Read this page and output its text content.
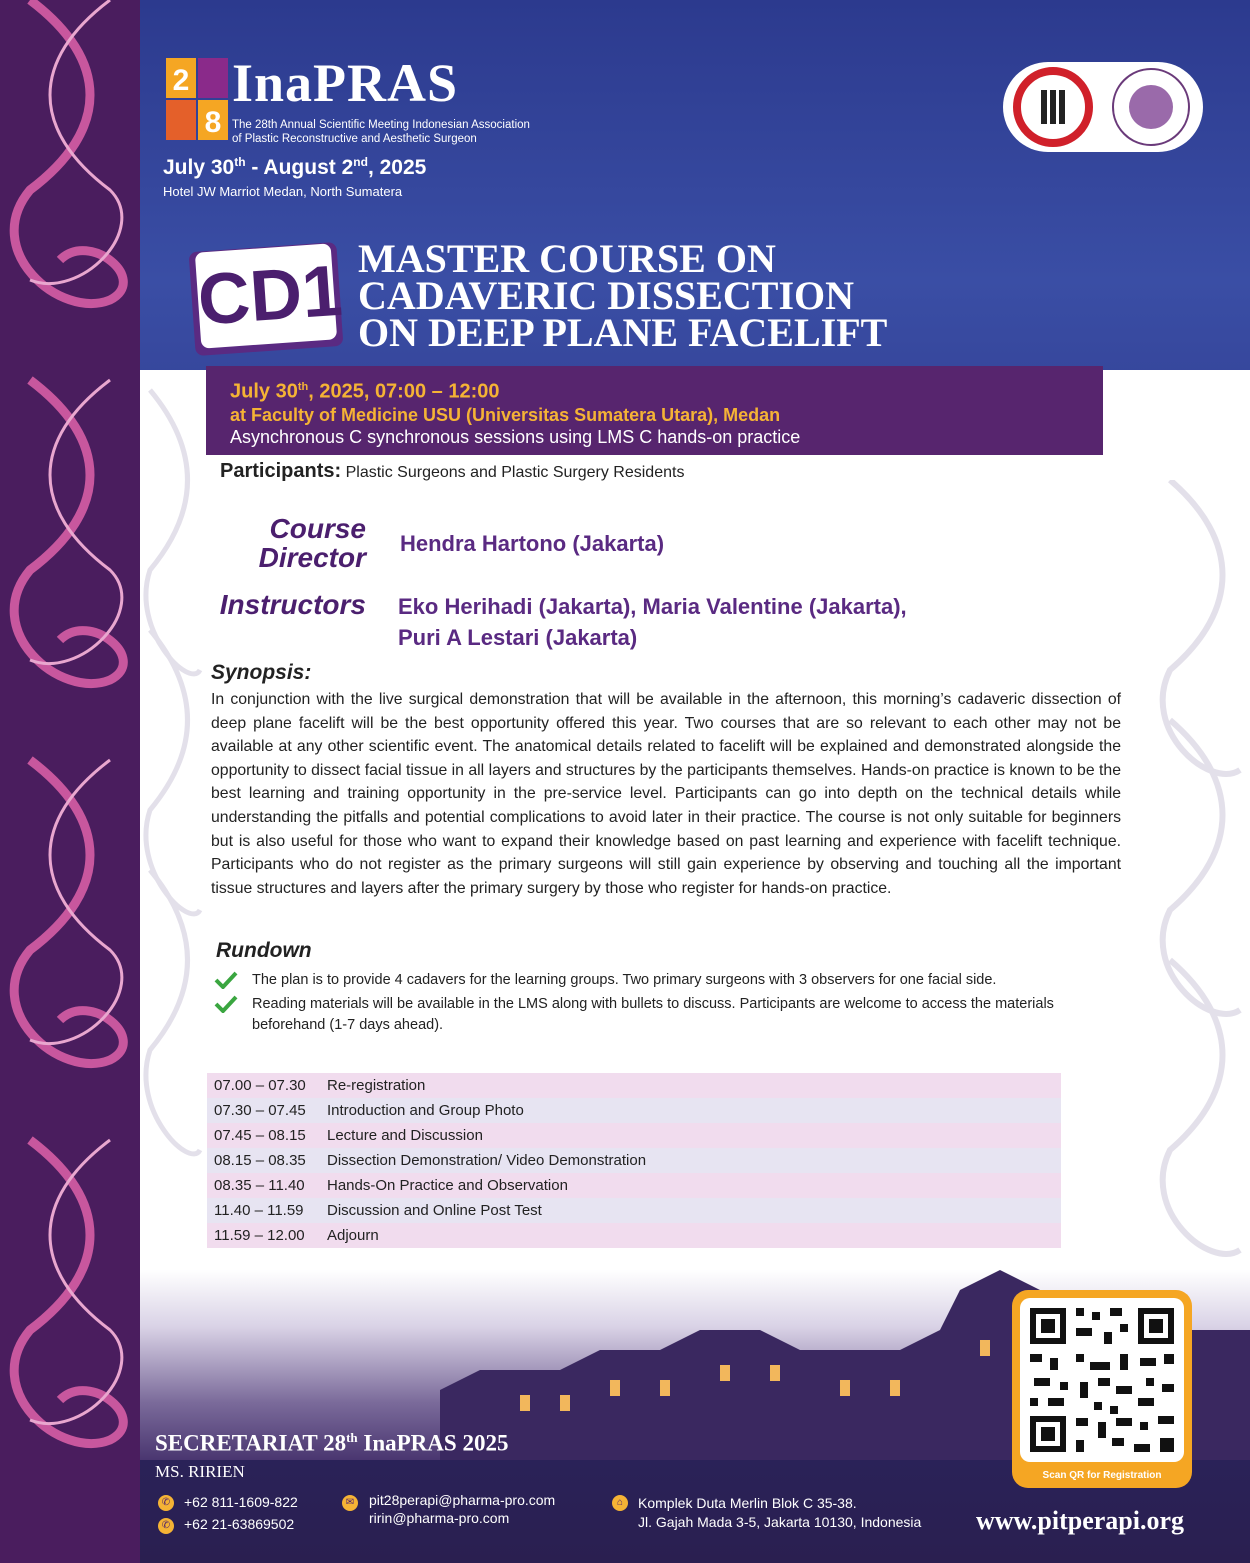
2
8
InaPRAS
The 28th Annual Scientific Meeting Indonesian Association
of Plastic Reconstructive and Aesthetic Surgeon
July 30th - August 2nd, 2025
Hotel JW Marriot Medan, North Sumatera
CD1 MASTER COURSE ON
CADAVERIC DISSECTION
ON DEEP PLANE FACELIFT
July 30th, 2025, 07:00 – 12:00
at Faculty of Medicine USU (Universitas Sumatera Utara), Medan
Asynchronous C synchronous sessions using LMS C hands-on practice
Participants: Plastic Surgeons and Plastic Surgery Residents
Course
Director Hendra Hartono (Jakarta)
Instructors Eko Herihadi (Jakarta), Maria Valentine (Jakarta),
Puri A Lestari (Jakarta)
Synopsis:
In conjunction with the live surgical demonstration that will be available in the afternoon, this morning’s cadaveric dissection of deep plane facelift will be the best opportunity offered this year. Two courses that are so relevant to each other may not be available at any other scientific event. The anatomical details related to facelift will be explained and demonstrated alongside the opportunity to dissect facial tissue in all layers and structures by the participants themselves. Hands-on practice is known to be the best learning and training opportunity in the pre-service level. Participants can go into depth on the technical details while understanding the pitfalls and potential complications to avoid later in their practice. The course is not only suitable for beginners but is also useful for those who want to expand their knowledge based on past learning and experience with facelift technique. Participants who do not register as the primary surgeons will still gain experience by observing and touching all the important tissue structures and layers after the primary surgery by those who register for hands-on practice.
Rundown
The plan is to provide 4 cadavers for the learning groups. Two primary surgeons with 3 observers for one facial side.
Reading materials will be available in the LMS along with bullets to discuss. Participants are welcome to access the materials beforehand (1-7 days ahead).
07.00 – 07.30	Re-registration
07.30 – 07.45	Introduction and Group Photo
07.45 – 08.15	Lecture and Discussion
08.15 – 08.35	Dissection Demonstration/ Video Demonstration
08.35 – 11.40	Hands-On Practice and Observation
11.40 – 11.59	Discussion and Online Post Test
11.59 – 12.00	Adjourn
SECRETARIAT 28th InaPRAS 2025
MS. RIRIEN
✆
✆
+62 811-1609-822
+62 21-63869502
✉ pit28perapi@pharma-pro.com
ririn@pharma-pro.com
⌂	Komplek Duta Merlin Blok C 35-38.
Jl. Gajah Mada 3-5, Jakarta 10130, Indonesia
Scan QR for Registration
www.pitperapi.org
